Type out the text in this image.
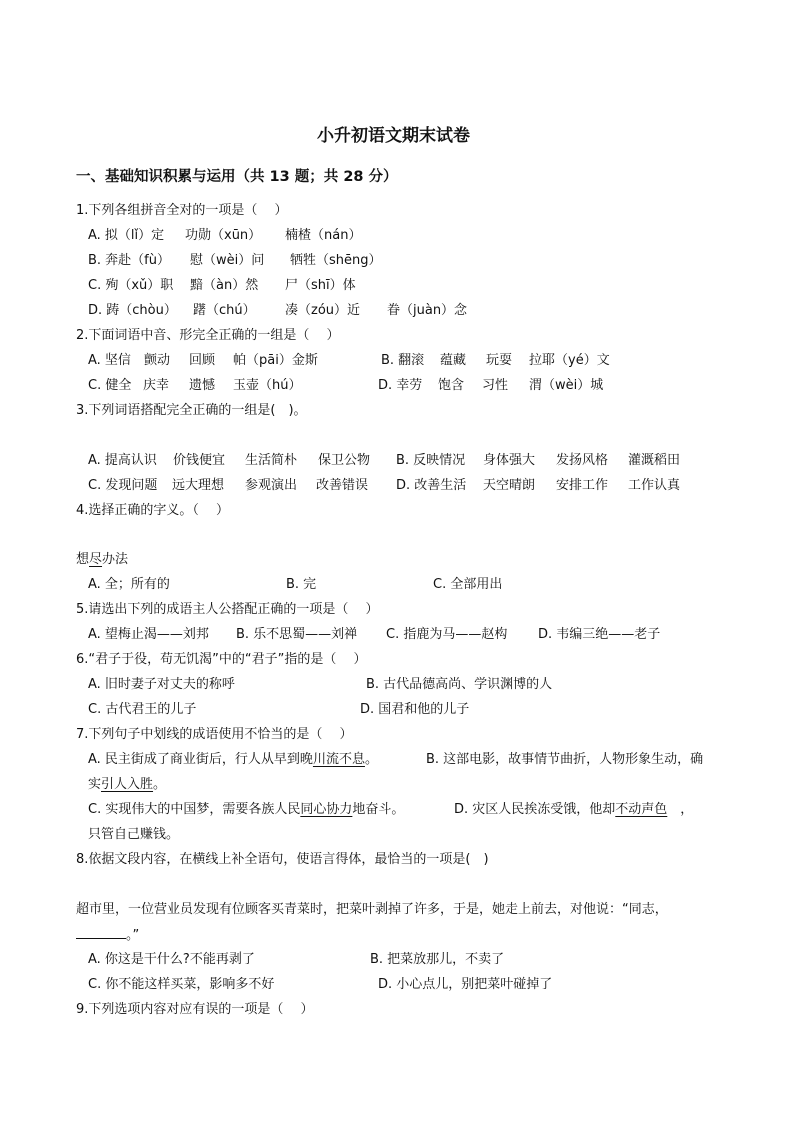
小升初语文期末试卷
一、基础知识积累与运用（共 13 题；共 28 分）
1.下列各组拼音全对的一项是（　 ）
A. 拟（lǐ）定 功勋（xūn） 楠楂（nán）
B. 奔赴（fù） 慰（wèi）问 牺牲（shēng）
C. 殉（xǔ）职 黯（àn）然 尸（shī）体
D. 踌（chòu） 躇（chú） 凑（zóu）近 眷（juàn）念
2.下面词语中音、形完全正确的一组是（　 ）
A. 坚信 颤动 回顾 帕（pāi）金斯	B. 翻滚 蕴藏 玩耍 拉耶（yé）文
C. 健全 庆幸 遗憾 玉壶（hú）	D. 幸劳 饱含 习性 渭（wèi）城
3.下列词语搭配完全正确的一组是(　)。
A. 提高认识 价钱便宜 生活简朴 保卫公物 B. 反映情况 身体强大 发扬风格 灌溉稻田
C. 发现问题 远大理想 参观演出 改善错误 D. 改善生活 天空晴朗 安排工作 工作认真
4.选择正确的字义。（　 ）
想尽办法
A. 全；所有的	B. 完	C. 全部用出
5.请选出下列的成语主人公搭配正确的一项是（　 ）
A. 望梅止渴——刘邦 B. 乐不思蜀——刘禅 C. 指鹿为马——赵构 D. 韦编三绝——老子
6.“君子于役，苟无饥渴”中的“君子”指的是（　 ）
A. 旧时妻子对丈夫的称呼	B. 古代品德高尚、学识渊博的人
C. 古代君王的儿子	D. 国君和他的儿子
7.下列句子中划线的成语使用不恰当的是（　 ）
A. 民主街成了商业街后，行人从早到晚川流不息。	B. 这部电影，故事情节曲折，人物形象生动，确
实引人入胜。
C. 实现伟大的中国梦，需要各族人民同心协力地奋斗。	D. 灾区人民挨冻受饿，他却不动声色　，
只管自己赚钱。
8.依据文段内容，在横线上补全语句，使语言得体，最恰当的一项是(　)
超市里，一位营业员发现有位顾客买青菜时，把菜叶剥掉了许多，于是，她走上前去，对他说：“同志，
。”
A. 你这是干什么?不能再剥了	B. 把菜放那儿，不卖了
C. 你不能这样买菜，影响多不好	D. 小心点儿，别把菜叶碰掉了
9.下列选项内容对应有误的一项是（　 ）
